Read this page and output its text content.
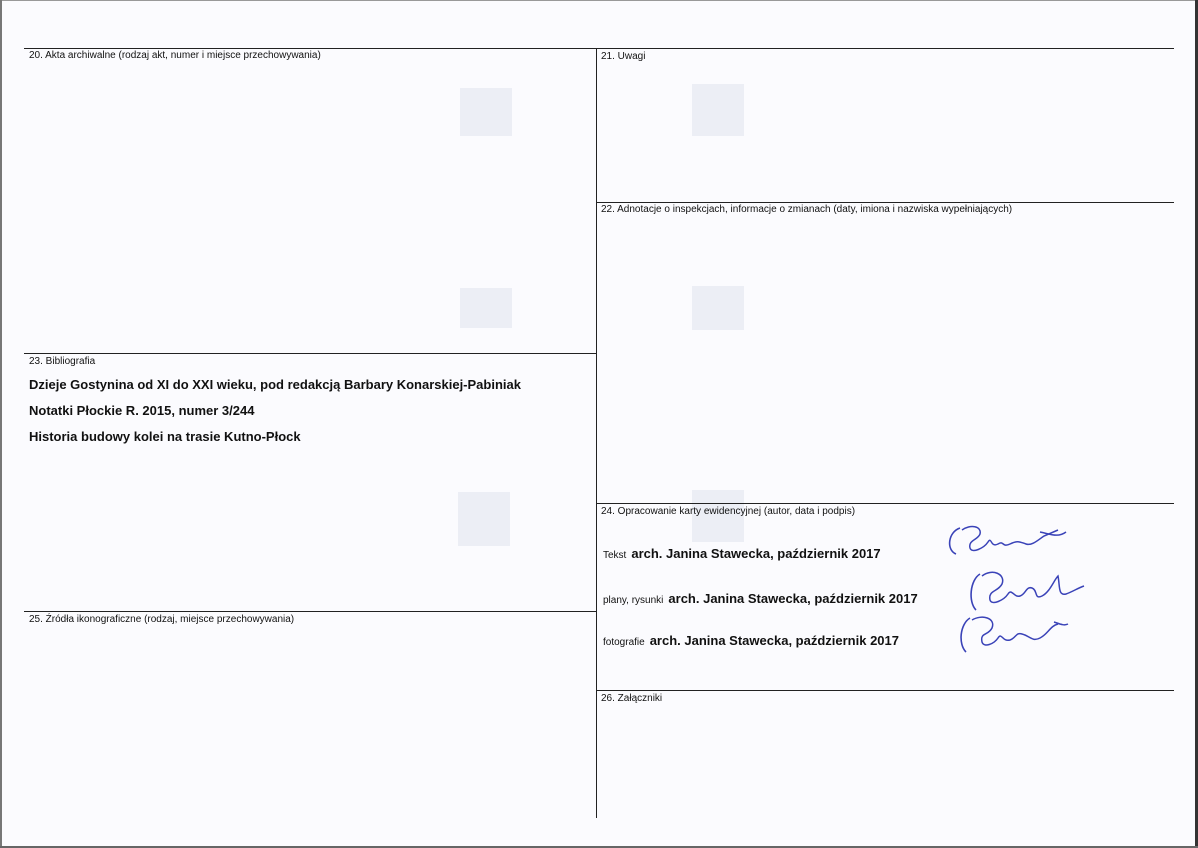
20. Akta archiwalne (rodzaj akt, numer i miejsce przechowywania)	21. Uwagi
22. Adnotacje o inspekcjach, informacje o zmianach (daty, imiona i nazwiska wypełniających)
23. Bibliografia
24. Opracowanie karty ewidencyjnej (autor, data i podpis)
25. Źródła ikonograficzne (rodzaj, miejsce przechowywania)
26. Załączniki
Dzieje Gostynina od XI do XXI wieku, pod redakcją Barbary Konarskiej-Pabiniak
Notatki Płockie R. 2015, numer 3/244
Historia budowy kolei na trasie Kutno-Płock
Tekst arch. Janina Stawecka, październik 2017
plany, rysunki arch. Janina Stawecka, październik 2017
fotografie arch. Janina Stawecka, październik 2017
